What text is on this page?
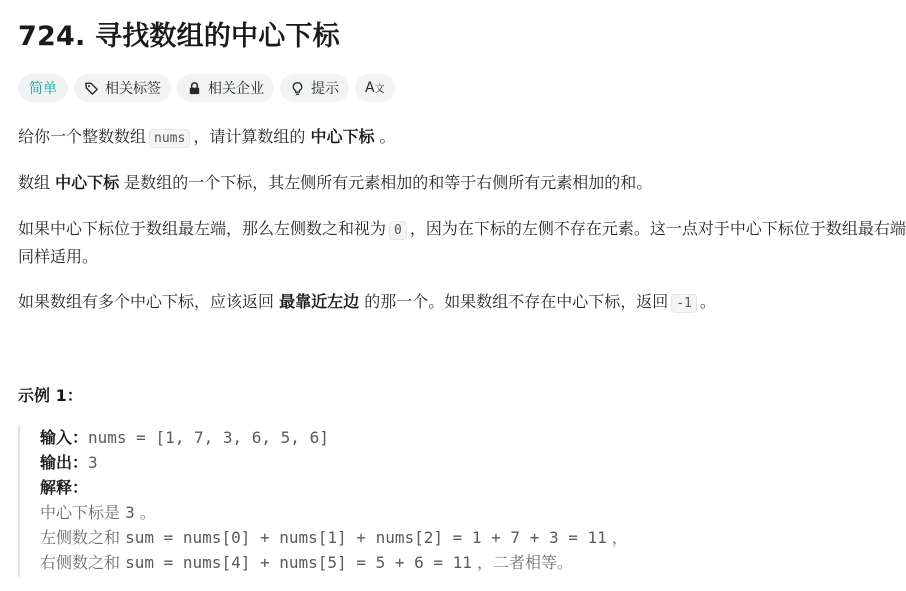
724. 寻找数组的中心下标
简单	相关标签	相关企业	提示 A文
给你一个整数数组 nums ，请计算数组的 中心下标 。
数组 中心下标 是数组的一个下标，其左侧所有元素相加的和等于右侧所有元素相加的和。
如果中心下标位于数组最左端，那么左侧数之和视为 0 ，因为在下标的左侧不存在元素。这一点对于中心下标位于数组最右端同样适用。
如果数组有多个中心下标，应该返回 最靠近左边 的那一个。如果数组不存在中心下标，返回 -1 。
示例 1：
输入：nums = [1, 7, 3, 6, 5, 6]
输出：3
解释：
中心下标是 3 。
左侧数之和 sum = nums[0] + nums[1] + nums[2] = 1 + 7 + 3 = 11 ，
右侧数之和 sum = nums[4] + nums[5] = 5 + 6 = 11 ，二者相等。
